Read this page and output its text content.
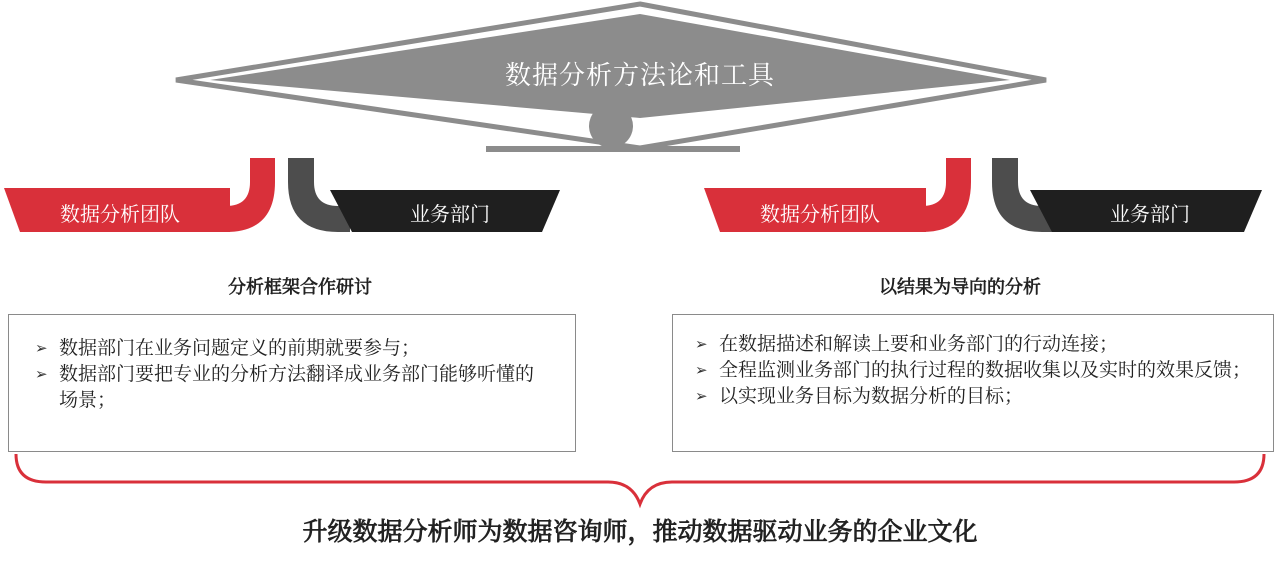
数据分析方法论和工具
数据分析团队	业务部门	数据分析团队	业务部门
分析框架合作研讨	以结果为导向的分析
➢ 数据部门在业务问题定义的前期就要参与；
➢ 数据部门要把专业的分析方法翻译成业务部门能够听懂的场景；
➢ 在数据描述和解读上要和业务部门的行动连接；
➢ 全程监测业务部门的执行过程的数据收集以及实时的效果反馈；
➢ 以实现业务目标为数据分析的目标；
升级数据分析师为数据咨询师，推动数据驱动业务的企业文化
